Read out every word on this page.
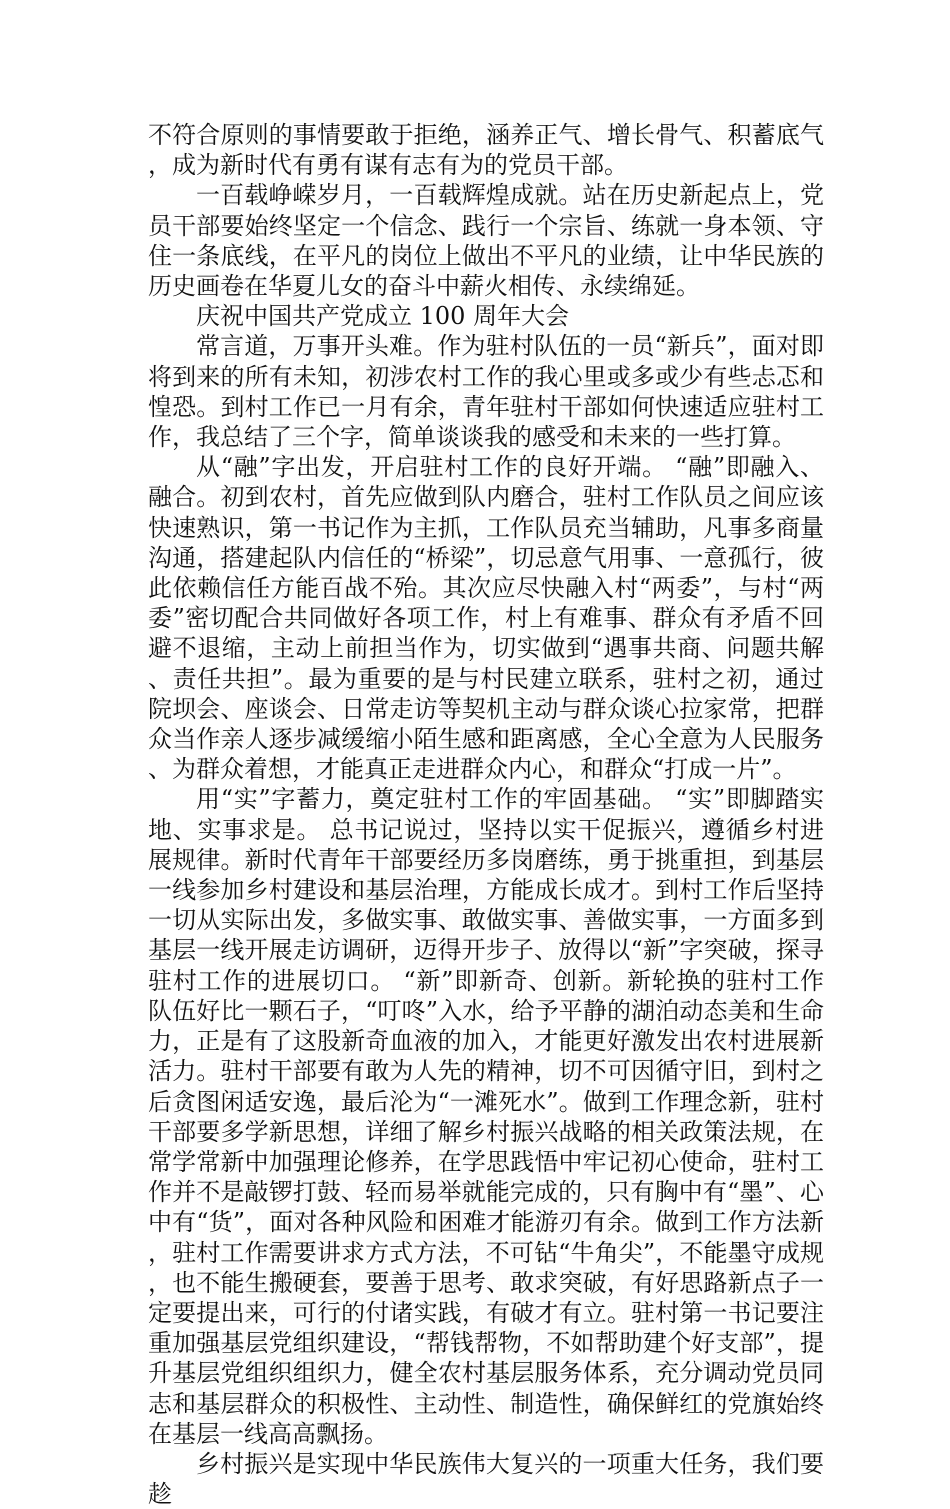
不符合原则的事情要敢于拒绝，涵养正气、增长骨气、积蓄底气，成为新时代有勇有谋有志有为的党员干部。

一百载峥嵘岁月，一百载辉煌成就。站在历史新起点上，党员干部要始终坚定一个信念、践行一个宗旨、练就一身本领、守住一条底线，在平凡的岗位上做出不平凡的业绩，让中华民族的历史画卷在华夏儿女的奋斗中薪火相传、永续绵延。

庆祝中国共产党成立 100 周年大会

常言道，万事开头难。作为驻村队伍的一员“新兵”，面对即将到来的所有未知，初涉农村工作的我心里或多或少有些忐忑和惶恐。到村工作已一月有余，青年驻村干部如何快速适应驻村工作，我总结了三个字，简单谈谈我的感受和未来的一些打算。

从“融”字出发，开启驻村工作的良好开端。 “融”即融入、融合。初到农村，首先应做到队内磨合，驻村工作队员之间应该快速熟识，第一书记作为主抓，工作队员充当辅助，凡事多商量沟通，搭建起队内信任的“桥梁”，切忌意气用事、一意孤行，彼此依赖信任方能百战不殆。其次应尽快融入村“两委”，与村“两委”密切配合共同做好各项工作，村上有难事、群众有矛盾不回避不退缩，主动上前担当作为，切实做到“遇事共商、问题共解、责任共担”。最为重要的是与村民建立联系，驻村之初，通过院坝会、座谈会、日常走访等契机主动与群众谈心拉家常，把群众当作亲人逐步减缓缩小陌生感和距离感，全心全意为人民服务、为群众着想，才能真正走进群众内心，和群众“打成一片”。

用“实”字蓄力，奠定驻村工作的牢固基础。 “实”即脚踏实地、实事求是。 总书记说过，坚持以实干促振兴，遵循乡村进展规律。新时代青年干部要经历多岗磨练，勇于挑重担，到基层一线参加乡村建设和基层治理，方能成长成才。到村工作后坚持一切从实际出发，多做实事、敢做实事、善做实事，一方面多到基层一线开展走访调研，迈得开步子、放得以“新”字突破，探寻驻村工作的进展切口。 “新”即新奇、创新。新轮换的驻村工作队伍好比一颗石子，“叮咚”入水，给予平静的湖泊动态美和生命力，正是有了这股新奇血液的加入，才能更好激发出农村进展新活力。驻村干部要有敢为人先的精神，切不可因循守旧，到村之后贪图闲适安逸，最后沦为“一滩死水”。做到工作理念新，驻村干部要多学新思想，详细了解乡村振兴战略的相关政策法规，在常学常新中加强理论修养，在学思践悟中牢记初心使命，驻村工作并不是敲锣打鼓、轻而易举就能完成的，只有胸中有“墨”、心中有“货”，面对各种风险和困难才能游刃有余。做到工作方法新，驻村工作需要讲求方式方法，不可钻“牛角尖”，不能墨守成规，也不能生搬硬套，要善于思考、敢求突破，有好思路新点子一定要提出来，可行的付诸实践，有破才有立。驻村第一书记要注重加强基层党组织建设，“帮钱帮物，不如帮助建个好支部”，提升基层党组织组织力，健全农村基层服务体系，充分调动党员同志和基层群众的积极性、主动性、制造性，确保鲜红的党旗始终在基层一线高高飘扬。

乡村振兴是实现中华民族伟大复兴的一项重大任务，我们要趁
